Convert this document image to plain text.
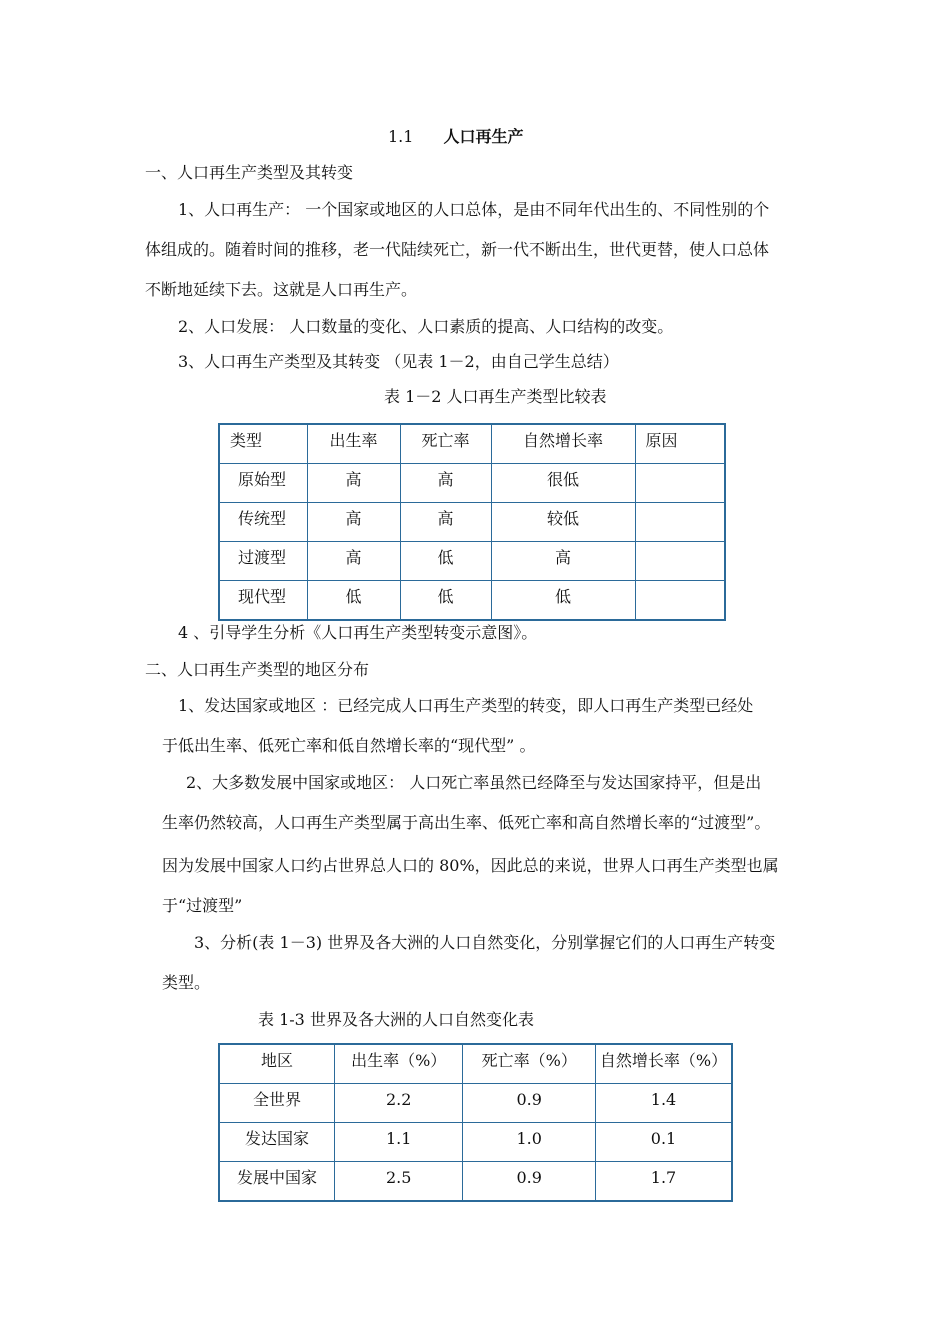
1.1 人口再生产
一、人口再生产类型及其转变
1、人口再生产： 一个国家或地区的人口总体，是由不同年代出生的、不同性别的个
体组成的。随着时间的推移，老一代陆续死亡，新一代不断出生，世代更替，使人口总体
不断地延续下去。这就是人口再生产。
2、人口发展： 人口数量的变化、人口素质的提高、人口结构的改变。
3、人口再生产类型及其转变 （见表 1－2，由自己学生总结）
表 1－2 人口再生产类型比较表
类型	出生率	死亡率	自然增长率	原因

原始型	高	高	很低	

传统型	高	高	较低	

过渡型	高	低	高	

现代型	低	低	低	

4 、引导学生分析《人口再生产类型转变示意图》。
二、人口再生产类型的地区分布
1、发达国家或地区 ：已经完成人口再生产类型的转变，即人口再生产类型已经处
于低出生率、低死亡率和低自然增长率的“现代型” 。
2、大多数发展中国家或地区： 人口死亡率虽然已经降至与发达国家持平，但是出
生率仍然较高，人口再生产类型属于高出生率、低死亡率和高自然增长率的“过渡型”。
因为发展中国家人口约占世界总人口的 80%，因此总的来说，世界人口再生产类型也属
于“过渡型”
3、分析(表 1－3) 世界及各大洲的人口自然变化，分别掌握它们的人口再生产转变
类型。
表 1-3 世界及各大洲的人口自然变化表
地区	出生率（%）	死亡率（%）	自然增长率（%）

全世界	2.2	0.9	1.4

发达国家	1.1	1.0	0.1

发展中国家	2.5	0.9	1.7
